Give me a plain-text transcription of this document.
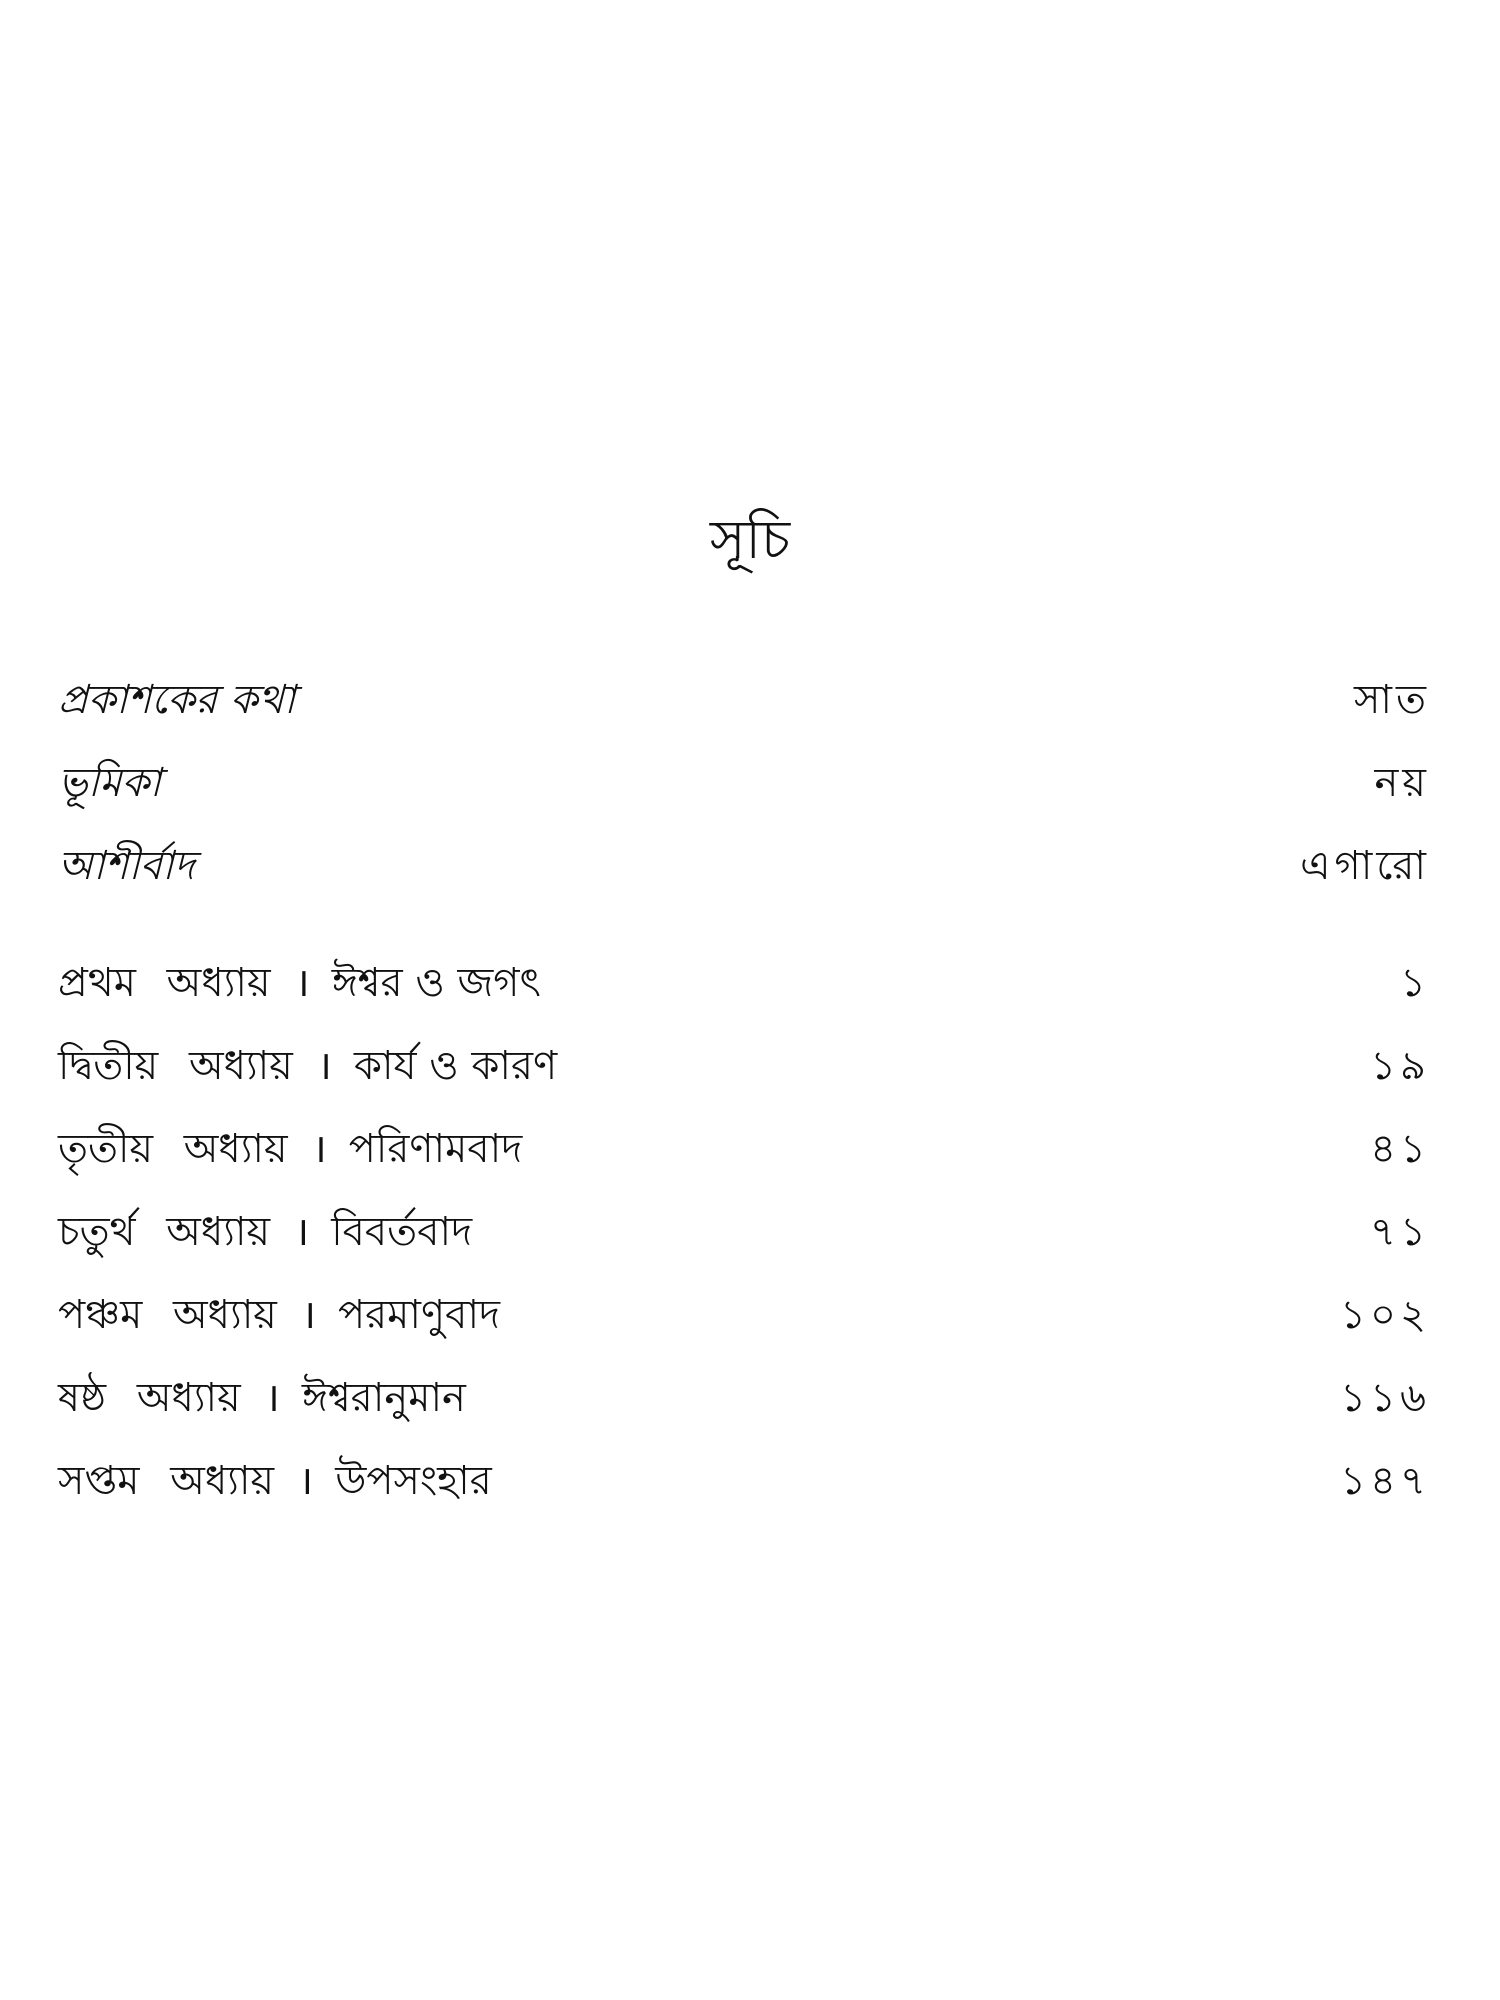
সূচি
প্রকাশকের কথা	সাত
ভূমিকা	নয়
আশীর্বাদ	এগারো
প্রথম অধ্যায় । ঈশ্বর ও জগৎ	১
দ্বিতীয় অধ্যায় । কার্য ও কারণ	১৯
তৃতীয় অধ্যায় । পরিণামবাদ	৪১
চতুর্থ অধ্যায় । বিবর্তবাদ	৭১
পঞ্চম অধ্যায় । পরমাণুবাদ	১০২
ষষ্ঠ অধ্যায় । ঈশ্বরানুমান	১১৬
সপ্তম অধ্যায় । উপসংহার	১৪৭
